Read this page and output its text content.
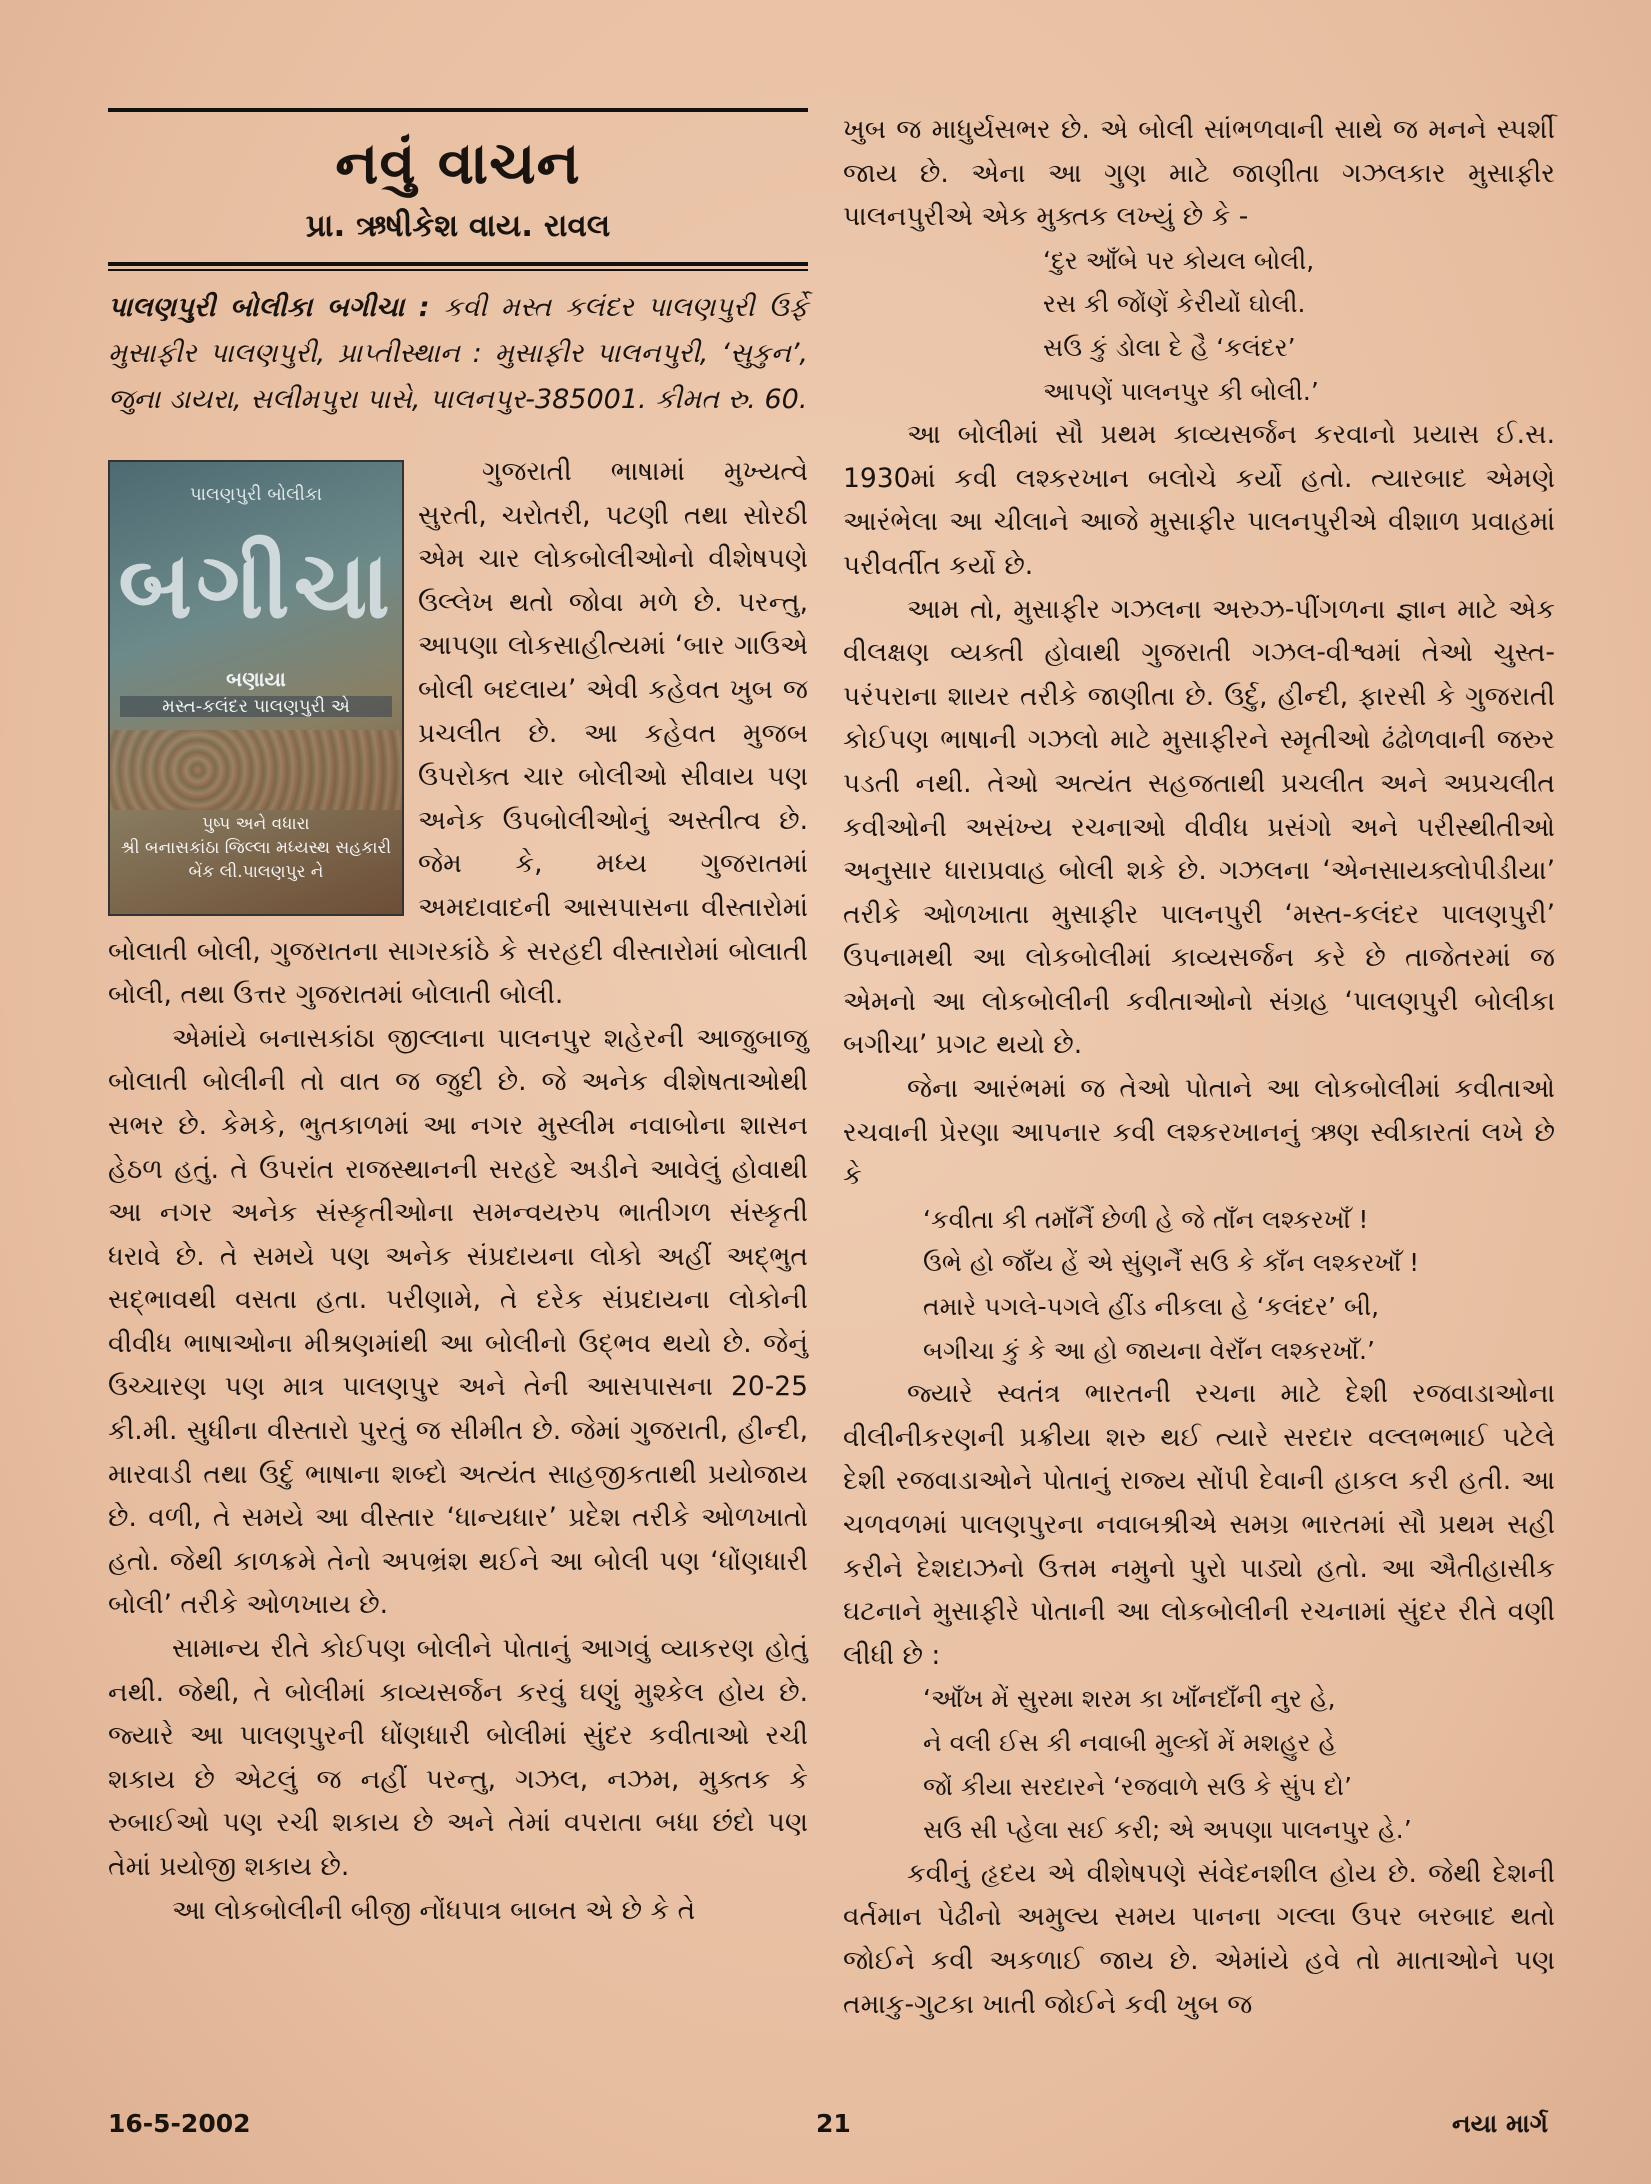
નવું વાચન
પ્રા. ઋષીકેશ વાય. રાવલ

પાલણપુરી બોલીકા બગીચા : કવી મસ્ત કલંદર પાલણપુરી ઉર્ફે મુસાફીર પાલણપુરી, પ્રાપ્તીસ્થાન : મુસાફીર પાલનપુરી, ‘સુકુન’, જુના ડાયરા, સલીમપુરા પાસે, પાલનપુર-385001. કીમત રુ. 60.

પાલણપુરી બોલીકા
બગીચા
બણાયા
મસ્ત-કલંદર પાલણપુરી એ
પુષ્પ અને વધારા
શ્રી બનાસકાંઠા જિલ્લા મધ્યસ્થ સહકારી
બેંક લી.પાલણપુર ને

ગુજરાતી ભાષામાં મુખ્યત્વે સુરતી, ચરોતરી, પટણી તથા સોરઠી એમ ચાર લોકબોલીઓનો વીશેષપણે ઉલ્લેખ થતો જોવા મળે છે. પરન્તુ, આપણા લોકસાહીત્યમાં ‘બાર ગાઉએ બોલી બદલાય’ એવી કહેવત ખુબ જ પ્રચલીત છે. આ કહેવત મુજબ ઉપરોક્ત ચાર બોલીઓ સીવાય પણ અનેક ઉપબોલીઓનું અસ્તીત્વ છે. જેમ કે, મધ્ય ગુજરાતમાં અમદાવાદની આસપાસના વીસ્તારોમાં બોલાતી બોલી, ગુજરાતના સાગરકાંઠે કે સરહદી વીસ્તારોમાં બોલાતી બોલી, તથા ઉત્તર ગુજરાતમાં બોલાતી બોલી.

એમાંયે બનાસકાંઠા જીલ્લાના પાલનપુર શહેરની આજુબાજુ બોલાતી બોલીની તો વાત જ જુદી છે. જે અનેક વીશેષતાઓથી સભર છે. કેમકે, ભુતકાળમાં આ નગર મુસ્લીમ નવાબોના શાસન હેઠળ હતું. તે ઉપરાંત રાજસ્થાનની સરહદે અડીને આવેલું હોવાથી આ નગર અનેક સંસ્કૃતીઓના સમન્વયરુપ ભાતીગળ સંસ્કૃતી ધરાવે છે. તે સમયે પણ અનેક સંપ્રદાયના લોકો અહીં અદ્ભુત સદ્ભાવથી વસતા હતા. પરીણામે, તે દરેક સંપ્રદાયના લોકોની વીવીધ ભાષાઓના મીશ્રણમાંથી આ બોલીનો ઉદ્ભવ થયો છે. જેનું ઉચ્ચારણ પણ માત્ર પાલણપુર અને તેની આસપાસના 20-25 કી.મી. સુધીના વીસ્તારો પુરતું જ સીમીત છે. જેમાં ગુજરાતી, હીન્દી, મારવાડી તથા ઉર્દુ ભાષાના શબ્દો અત્યંત સાહજીકતાથી પ્રયોજાય છે. વળી, તે સમયે આ વીસ્તાર ‘ધાન્યધાર’ પ્રદેશ તરીકે ઓળખાતો હતો. જેથી કાળક્રમે તેનો અપભ્રંશ થઈને આ બોલી પણ ‘ધોંણધારી બોલી’ તરીકે ઓળખાય છે.

સામાન્ય રીતે કોઈપણ બોલીને પોતાનું આગવું વ્યાકરણ હોતું નથી. જેથી, તે બોલીમાં કાવ્યસર્જન કરવું ઘણું મુશ્કેલ હોય છે. જ્યારે આ પાલણપુરની ધોંણધારી બોલીમાં સુંદર કવીતાઓ રચી શકાય છે એટલું જ નહીં પરન્તુ, ગઝલ, નઝમ, મુક્તક કે રુબાઈઓ પણ રચી શકાય છે અને તેમાં વપરાતા બધા છંદો પણ તેમાં પ્રયોજી શકાય છે.

આ લોકબોલીની બીજી નોંધપાત્ર બાબત એ છે કે તે

ખુબ જ માધુર્યસભર છે. એ બોલી સાંભળવાની સાથે જ મનને સ્પર્શી જાય છે. એના આ ગુણ માટે જાણીતા ગઝલકાર મુસાફીર પાલનપુરીએ એક મુક્તક લખ્યું છે કે -

‘દુર આઁબે પર કોયલ બોલી,

રસ કી જોંણેં કેરીયોં ઘોલી.

સઉ કું ડોલા દે હૈ ‘કલંદર’

આપણેં પાલનપુર કી બોલી.’

આ બોલીમાં સૌ પ્રથમ કાવ્યસર્જન કરવાનો પ્રયાસ ઈ.સ. 1930માં કવી લશ્કરખાન બલોચે કર્યો હતો. ત્યારબાદ એમણે આરંભેલા આ ચીલાને આજે મુસાફીર પાલનપુરીએ વીશાળ પ્રવાહમાં પરીવર્તીત કર્યો છે.

આમ તો, મુસાફીર ગઝલના અરુઝ-પીંગળના જ્ઞાન માટે એક વીલક્ષણ વ્યક્તી હોવાથી ગુજરાતી ગઝલ-વીશ્વમાં તેઓ ચુસ્ત-પરંપરાના શાયર તરીકે જાણીતા છે. ઉર્દુ, હીન્દી, ફારસી કે ગુજરાતી કોઈપણ ભાષાની ગઝલો માટે મુસાફીરને સ્મૃતીઓ ઢંઢોળવાની જરુર પડતી નથી. તેઓ અત્યંત સહજતાથી પ્રચલીત અને અપ્રચલીત કવીઓની અસંખ્ય રચનાઓ વીવીધ પ્રસંગો અને પરીસ્થીતીઓ અનુસાર ધારાપ્રવાહ બોલી શકે છે. ગઝલના ‘એનસાયક્લોપીડીયા’ તરીકે ઓળખાતા મુસાફીર પાલનપુરી ‘મસ્ત-કલંદર પાલણપુરી’ ઉપનામથી આ લોકબોલીમાં કાવ્યસર્જન કરે છે તાજેતરમાં જ એમનો આ લોકબોલીની કવીતાઓનો સંગ્રહ ‘પાલણપુરી બોલીકા બગીચા’ પ્રગટ થયો છે.

જેના આરંભમાં જ તેઓ પોતાને આ લોકબોલીમાં કવીતાઓ રચવાની પ્રેરણા આપનાર કવી લશ્કરખાનનું ઋણ સ્વીકારતાં લખે છે કે

‘કવીતા કી તમાઁનૈં છેળી હે જે તાઁન લશ્કરખાઁ !

ઉભે હો જાઁય હેં એ સુંણનૈં સઉ કે કાઁન લશ્કરખાઁ !

તમારે પગલે-પગલે હીંડ નીકલા હે ‘કલંદર’ બી,

બગીચા કું કે આ હો જાયના વેરાઁન લશ્કરખાઁ.’

જ્યારે સ્વતંત્ર ભારતની રચના માટે દેશી રજવાડાઓના વીલીનીકરણની પ્રક્રીયા શરુ થઈ ત્યારે સરદાર વલ્લભભાઈ પટેલે દેશી રજવાડાઓને પોતાનું રાજ્ય સોંપી દેવાની હાકલ કરી હતી. આ ચળવળમાં પાલણપુરના નવાબશ્રીએ સમગ્ર ભારતમાં સૌ પ્રથમ સહી કરીને દેશદાઝનો ઉત્તમ નમુનો પુરો પાડ્યો હતો. આ ઐતીહાસીક ઘટનાને મુસાફીરે પોતાની આ લોકબોલીની રચનામાં સુંદર રીતે વણી લીધી છે :

‘આઁખ મેં સુરમા શરમ કા ખાઁનદાઁની નુર હે,

ને વલી ઈસ કી નવાબી મુલ્કોં મેં મશહુર હે

જોં કીયા સરદારને ‘રજવાળે સઉ કે સુંપ દો’

સઉ સી પ્હેલા સઈ કરી; એ અપણા પાલનપુર હે.’

કવીનું હૃદય એ વીશેષપણે સંવેદનશીલ હોય છે. જેથી દેશની વર્તમાન પેઢીનો અમુલ્ય સમય પાનના ગલ્લા ઉપર બરબાદ થતો જોઈને કવી અકળાઈ જાય છે. એમાંયે હવે તો માતાઓને પણ તમાકુ-ગુટકા ખાતી જોઈને કવી ખુબ જ

16-5-2002	21	નયા માર્ગ
